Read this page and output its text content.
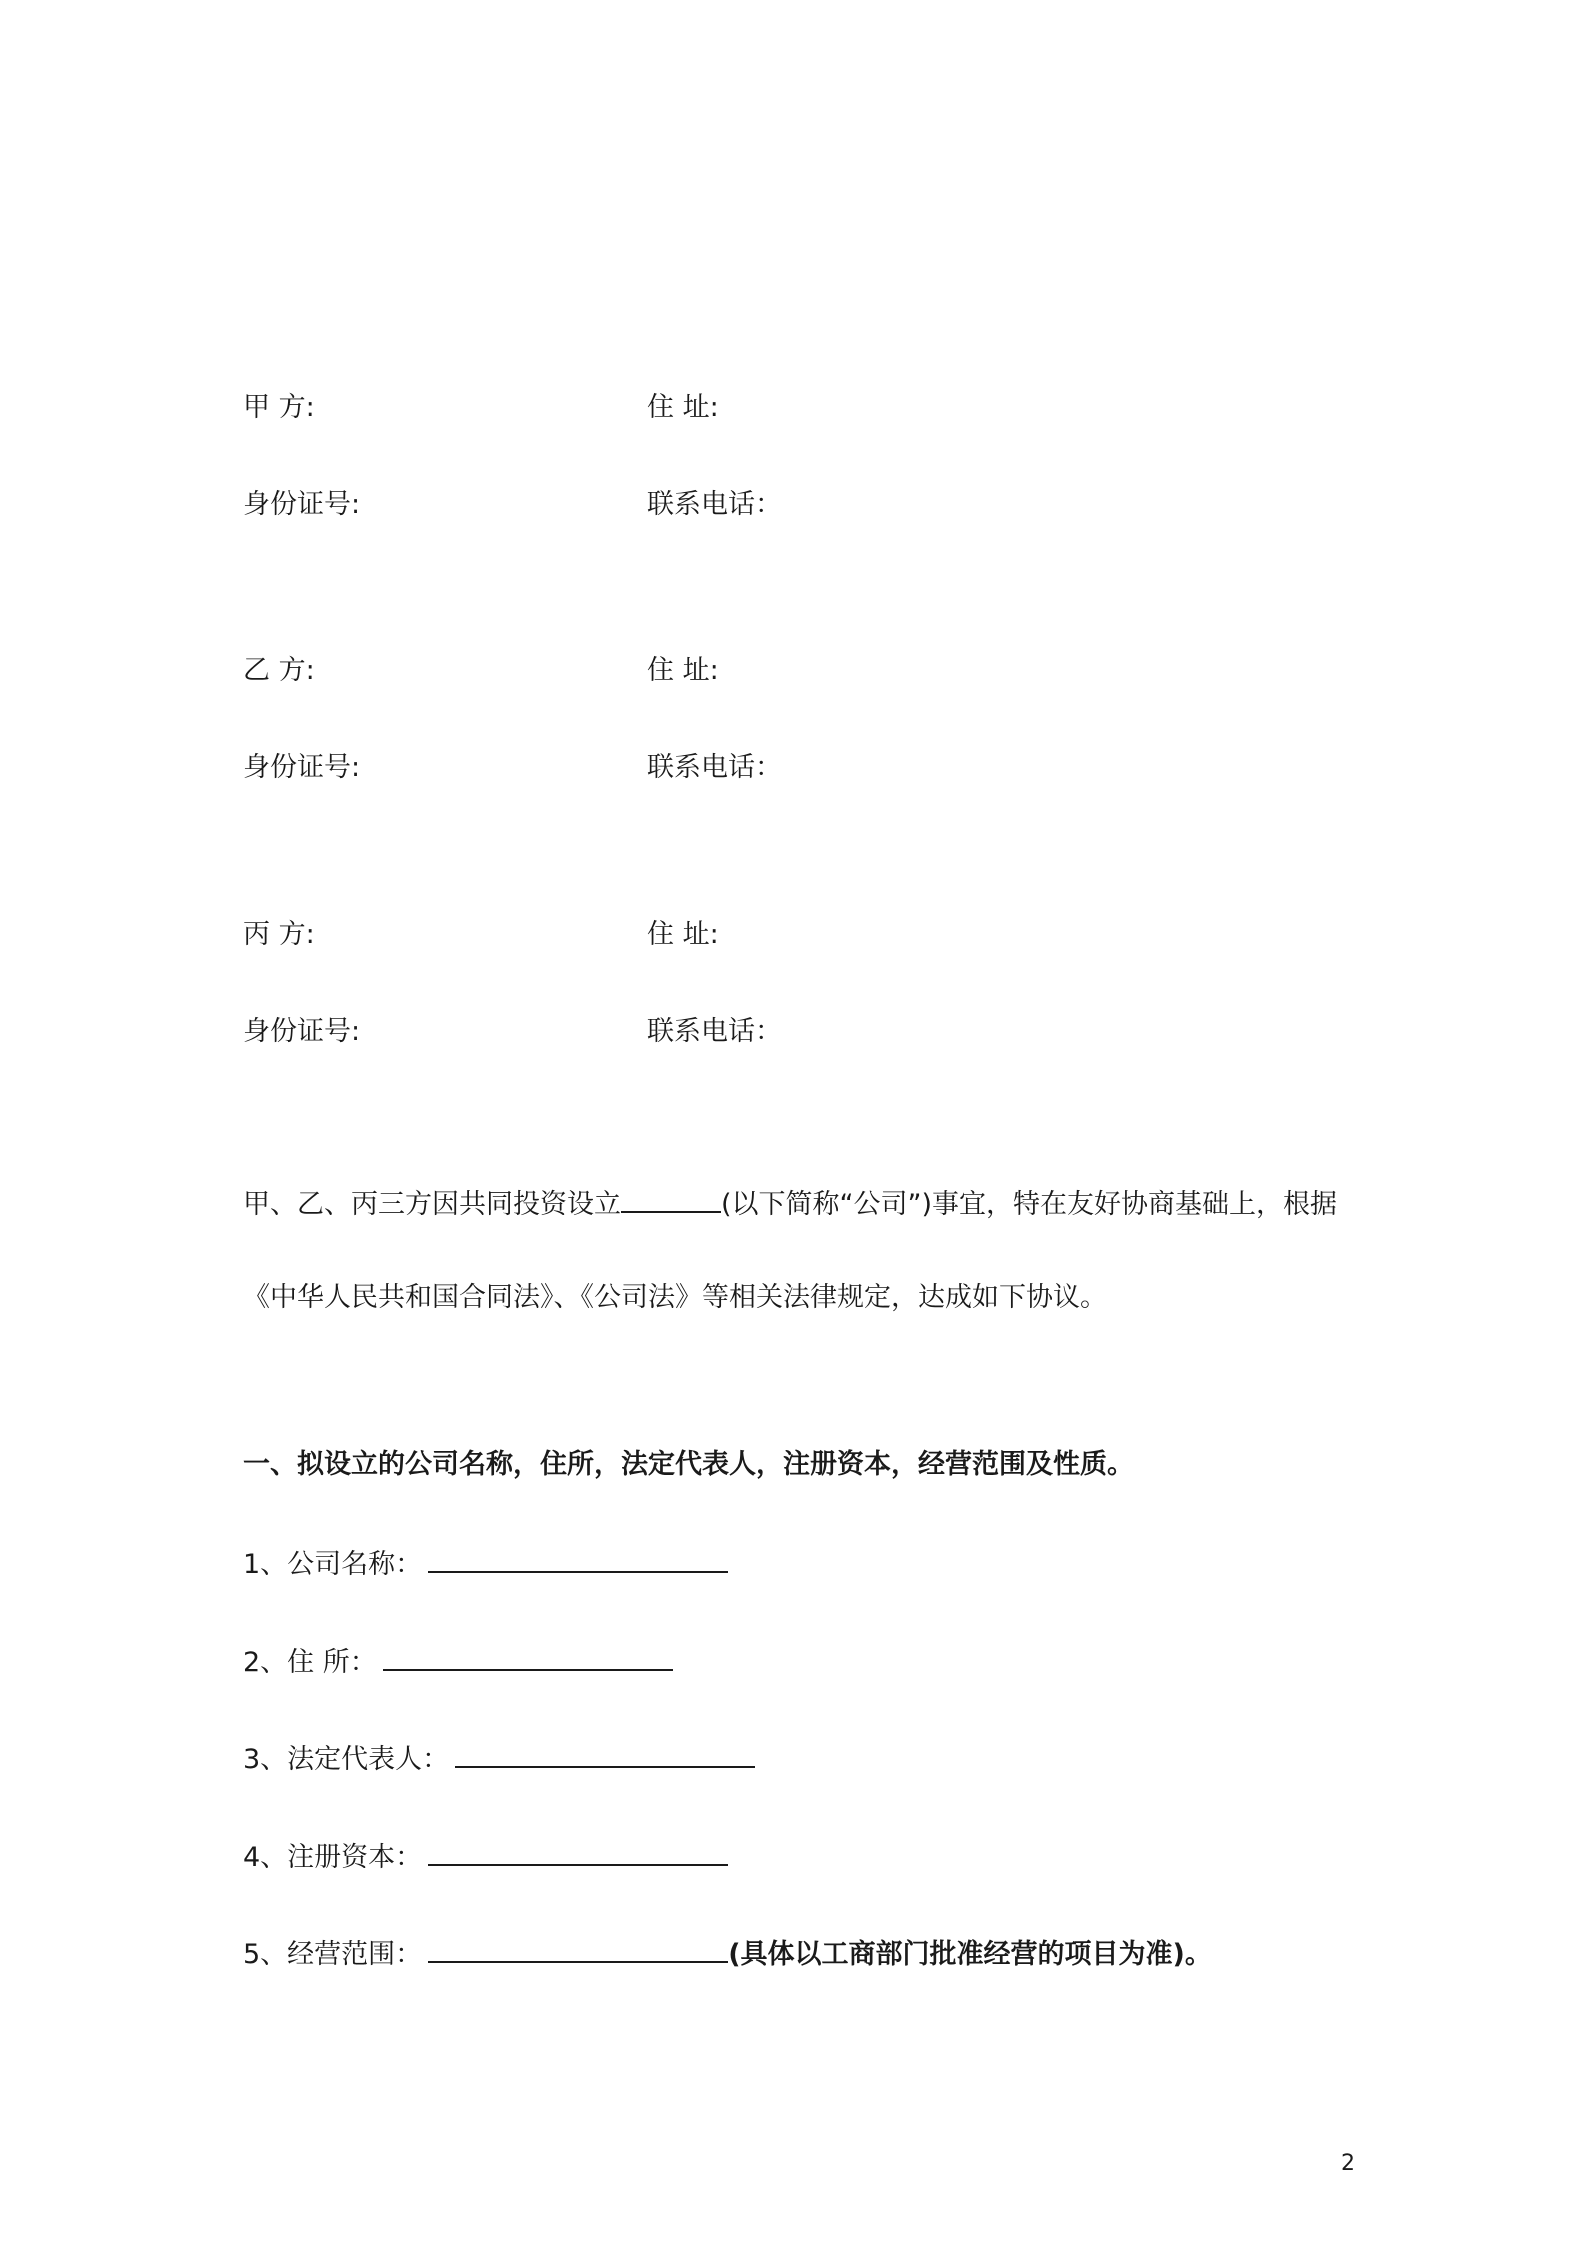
甲 方:	住 址:
身份证号:	联系电话：
乙 方:	住 址:
身份证号:	联系电话：
丙 方:	住 址:
身份证号:	联系电话：
甲、乙、丙三方因共同投资设立	(以下简称“公司”)事宜，特在友好协商基础上，根据
《中华人民共和国合同法》、《公司法》等相关法律规定，达成如下协议。
一、拟设立的公司名称，住所，法定代表人，注册资本，经营范围及性质。
1、公司名称：
2、住 所：
3、法定代表人：
4、注册资本：
5、经营范围：	(具体以工商部门批准经营的项目为准)。
2
